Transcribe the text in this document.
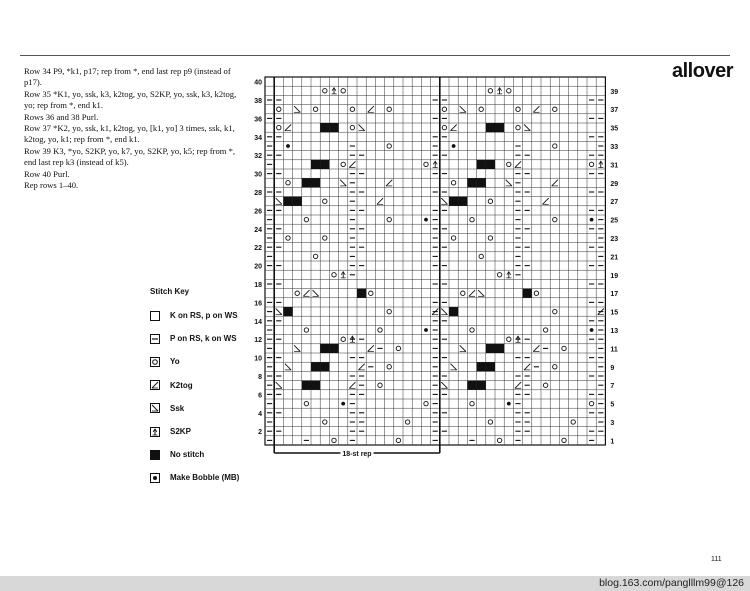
allover

Row 34 P9, *k1, p17; rep from *, end last rep p9 (instead of p17).

Row 35 *K1, yo, ssk, k3, k2tog, yo, S2KP, yo, ssk, k3, k2tog, yo; rep from *, end k1.

Rows 36 and 38 Purl.

Row 37 *K2, yo, ssk, k1, k2tog, yo, [k1, yo] 3 times, ssk, k1, k2tog, yo, k1; rep from *, end k1.

Row 39 K3, *yo, S2KP, yo, k7, yo, S2KP, yo, k5; rep from *, end last rep k3 (instead of k5).

Row 40 Purl.

Rep rows 1–40.

Stitch Key
K on RS, p on WS
P on RS, k on WS
Yo
K2tog
Ssk
S2KP
No stitch
Make Bobble (MB)
2
4
6
8
10
12
14
16
18
20
22
24
26
28
30
32
34
36
38
40
1
3
5
7
9
11
13
15
17
19
21
23
25
27
29
31
33
35
37
39
18-st rep
111
blog.163.com/panglllm99@126
